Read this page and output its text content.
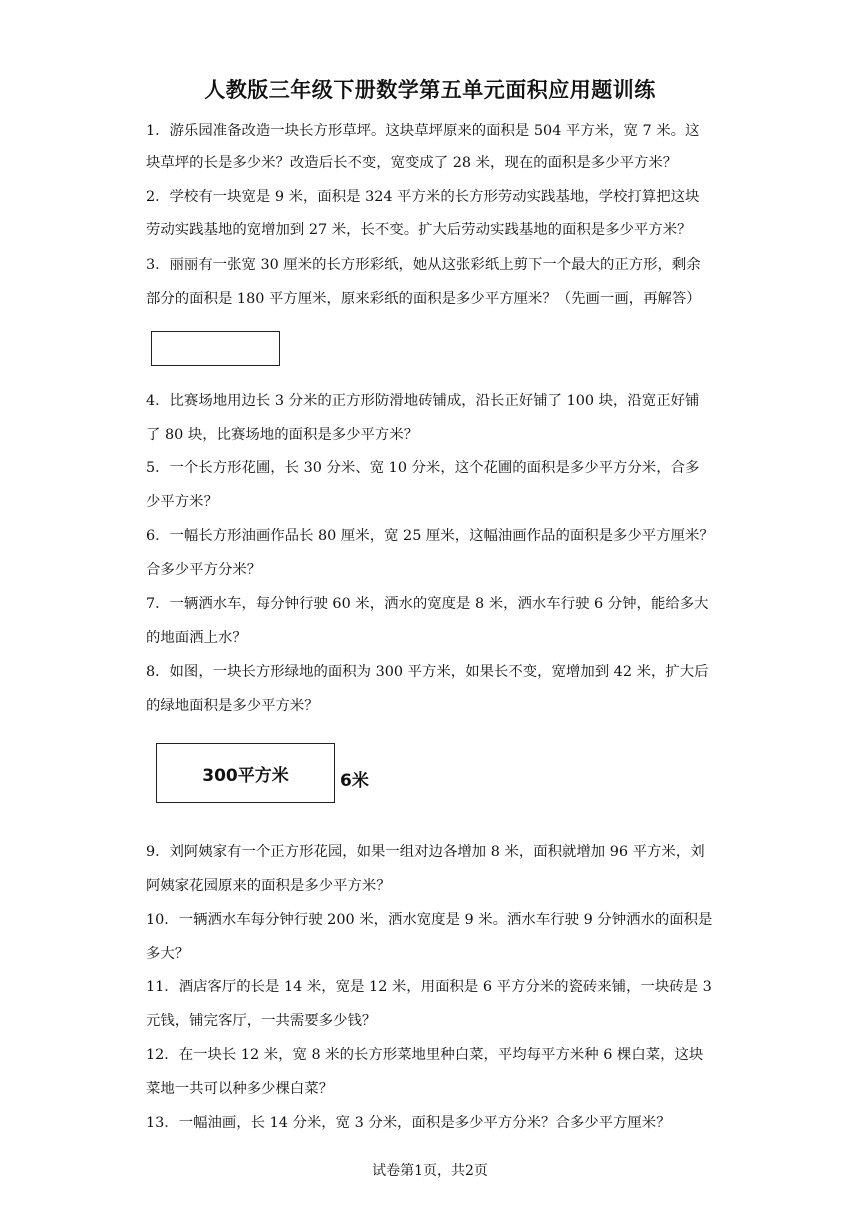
人教版三年级下册数学第五单元面积应用题训练
1．游乐园准备改造一块长方形草坪。这块草坪原来的面积是 504 平方米，宽 7 米。这
块草坪的长是多少米？改造后长不变，宽变成了 28 米，现在的面积是多少平方米？
2．学校有一块宽是 9 米，面积是 324 平方米的长方形劳动实践基地，学校打算把这块
劳动实践基地的宽增加到 27 米，长不变。扩大后劳动实践基地的面积是多少平方米？
3．丽丽有一张宽 30 厘米的长方形彩纸，她从这张彩纸上剪下一个最大的正方形，剩余
部分的面积是 180 平方厘米，原来彩纸的面积是多少平方厘米？（先画一画，再解答）
4．比赛场地用边长 3 分米的正方形防滑地砖铺成，沿长正好铺了 100 块，沿宽正好铺
了 80 块，比赛场地的面积是多少平方米？
5．一个长方形花圃，长 30 分米、宽 10 分米，这个花圃的面积是多少平方分米，合多
少平方米？
6．一幅长方形油画作品长 80 厘米，宽 25 厘米，这幅油画作品的面积是多少平方厘米？
合多少平方分米？
7．一辆洒水车，每分钟行驶 60 米，洒水的宽度是 8 米，洒水车行驶 6 分钟，能给多大
的地面洒上水？
8．如图，一块长方形绿地的面积为 300 平方米，如果长不变，宽增加到 42 米，扩大后
的绿地面积是多少平方米？
300平方米	6米
9．刘阿姨家有一个正方形花园，如果一组对边各增加 8 米，面积就增加 96 平方米，刘
阿姨家花园原来的面积是多少平方米？
10．一辆洒水车每分钟行驶 200 米，洒水宽度是 9 米。洒水车行驶 9 分钟洒水的面积是
多大？
11．酒店客厅的长是 14 米，宽是 12 米，用面积是 6 平方分米的瓷砖来铺，一块砖是 3
元钱，铺完客厅，一共需要多少钱？
12．在一块长 12 米，宽 8 米的长方形菜地里种白菜，平均每平方米种 6 棵白菜，这块
菜地一共可以种多少棵白菜？
13．一幅油画，长 14 分米，宽 3 分米，面积是多少平方分米？合多少平方厘米？
试卷第1页，共2页
